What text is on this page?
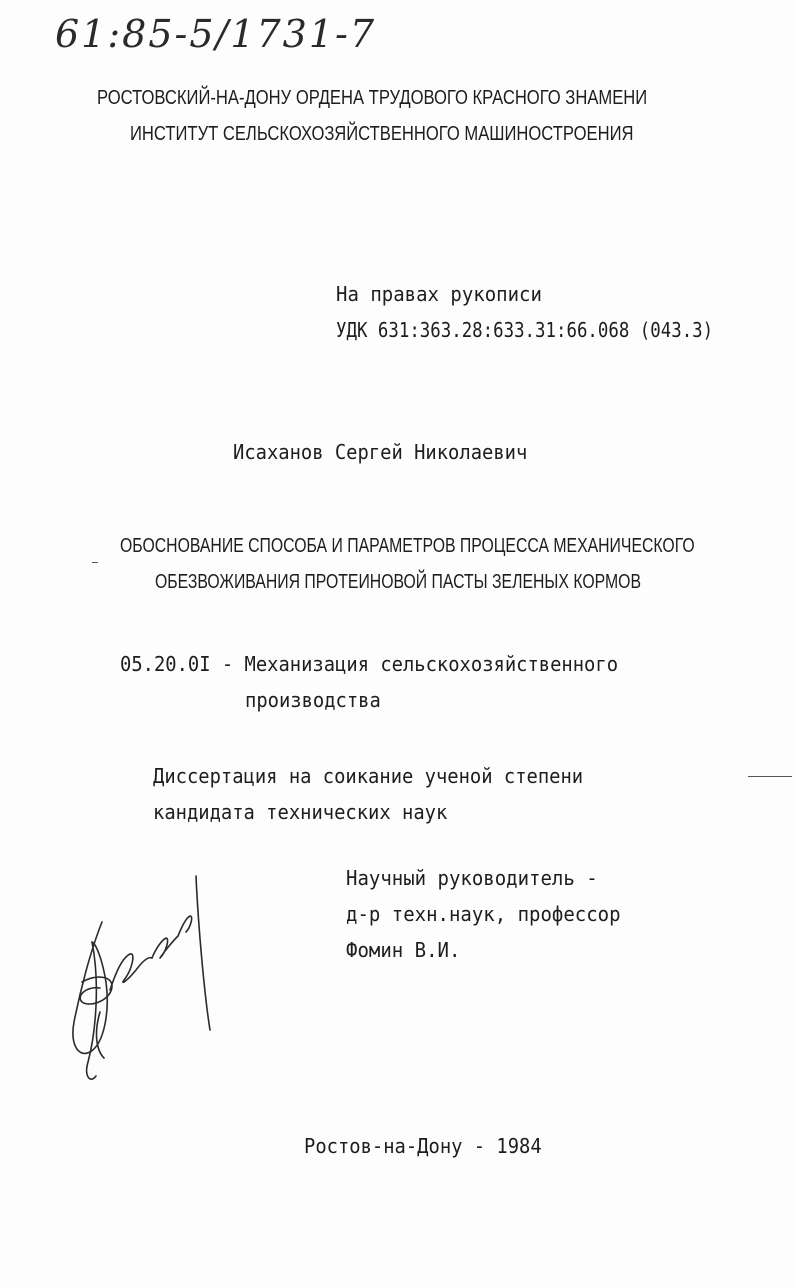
61:85-5/1731-7
РОСТОВСКИЙ-НА-ДОНУ ОРДЕНА ТРУДОВОГО КРАСНОГО ЗНАМЕНИ
ИНСТИТУТ СЕЛЬСКОХОЗЯЙСТВЕННОГО МАШИНОСТРОЕНИЯ
На правах рукописи
УДК 631:363.28:633.31:66.068 (043.3)
Исаханов Сергей Николаевич
ОБОСНОВАНИЕ СПОСОБА И ПАРАМЕТРОВ ПРОЦЕССА МЕХАНИЧЕСКОГО
ОБЕЗВОЖИВАНИЯ ПРОТЕИНОВОЙ ПАСТЫ ЗЕЛЕНЫХ КОРМОВ
05.20.0I - Механизация сельскохозяйственного
производства
Диссертация на соикание ученой степени
кандидата технических наук
Научный руководитель -
д-р техн.наук, профессор
Фомин В.И.
Ростов-на-Дону - 1984
